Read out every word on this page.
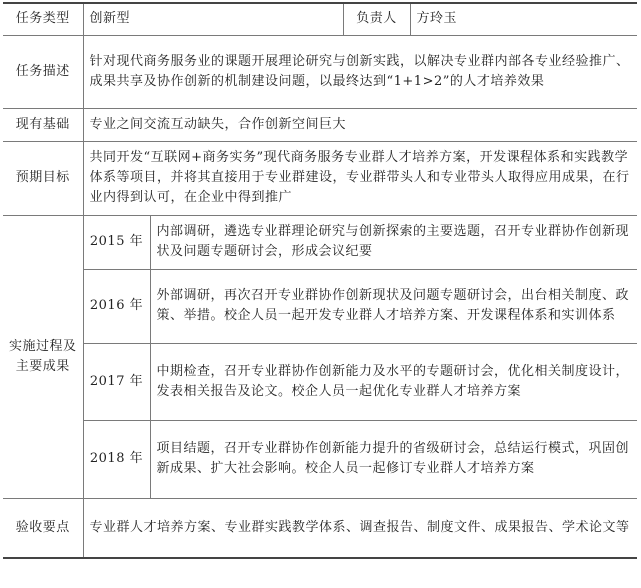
任务类型	创新型		负责人	方玲玉
任务描述	针对现代商务服务业的课题开展理论研究与创新实践，以解决专业群内部各专业经验推广、成果共享及协作创新的机制建设问题，以最终达到“1+1>2”的人才培养效果			
现有基础	专业之间交流互动缺失，合作创新空间巨大			
预期目标	共同开发“互联网+商务实务”现代商务服务专业群人才培养方案，开发课程体系和实践教学体系等项目，并将其直接用于专业群建设，专业群带头人和专业带头人取得应用成果，在行业内得到认可，在企业中得到推广			
实施过程及主要成果	2015 年	内部调研，遴选专业群理论研究与创新探索的主要选题，召开专业群协作创新现状及问题专题研讨会，形成会议纪要		
	2016 年	外部调研，再次召开专业群协作创新现状及问题专题研讨会，出台相关制度、政策、举措。校企人员一起开发专业群人才培养方案、开发课程体系和实训体系		
	2017 年	中期检查，召开专业群协作创新能力及水平的专题研讨会，优化相关制度设计，发表相关报告及论文。校企人员一起优化专业群人才培养方案		
	2018 年	项目结题，召开专业群协作创新能力提升的省级研讨会，总结运行模式，巩固创新成果、扩大社会影响。校企人员一起修订专业群人才培养方案		
验收要点	专业群人才培养方案、专业群实践教学体系、调查报告、制度文件、成果报告、学术论文等			
